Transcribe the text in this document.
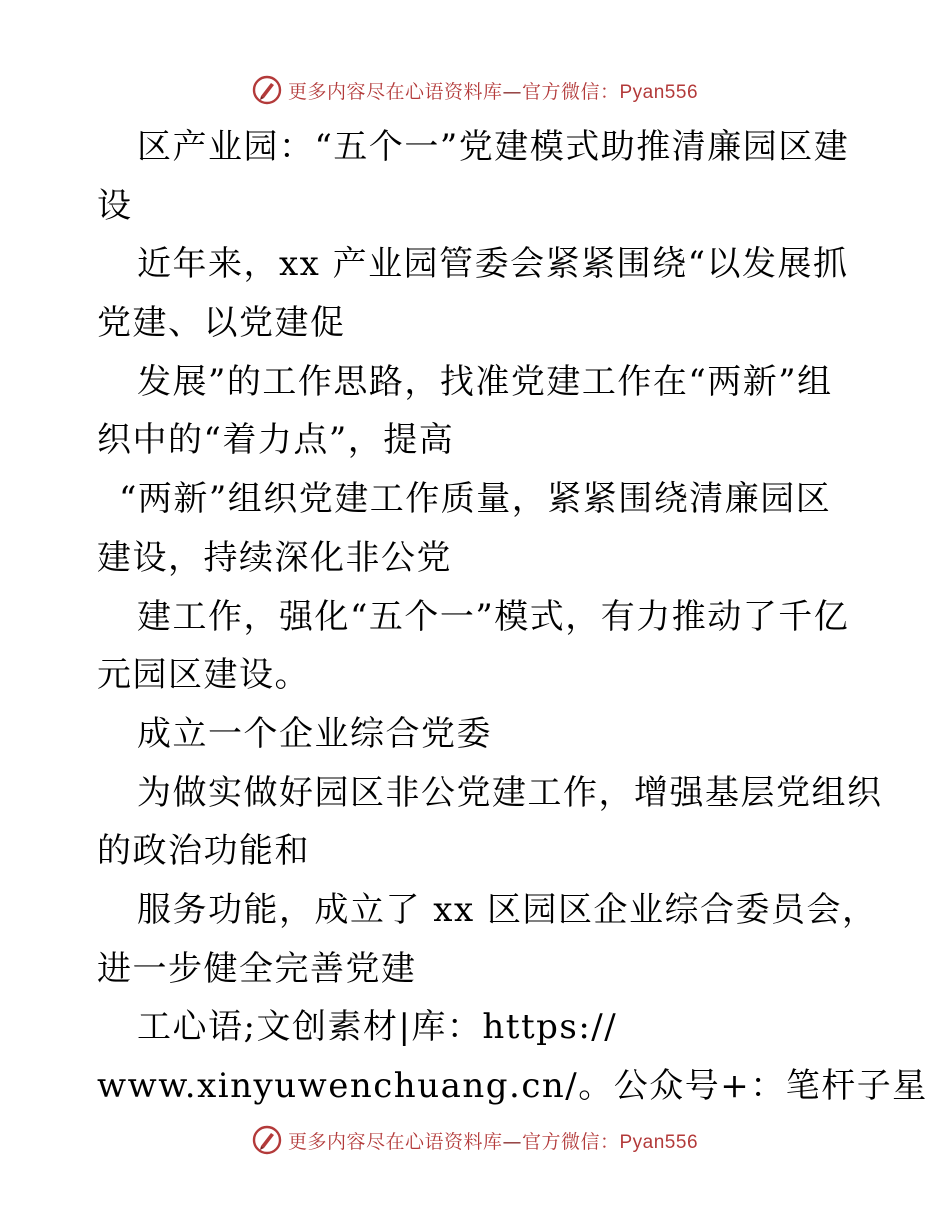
更多内容尽在心语资料库—官方微信：Pyan556
区产业园：“五个一”党建模式助推清廉园区建
设
近年来，xx 产业园管委会紧紧围绕“以发展抓
党建、以党建促
发展”的工作思路，找准党建工作在“两新”组
织中的“着力点”，提高
“两新”组织党建工作质量，紧紧围绕清廉园区
建设，持续深化非公党
建工作，强化“五个一”模式，有力推动了千亿
元园区建设。
成立一个企业综合党委
为做实做好园区非公党建工作，增强基层党组织
的政治功能和
服务功能，成立了 xx 区园区企业综合委员会，
进一步健全完善党建
工心语;文创素材|库：https://
www.xinyuwenchuang.cn/。公众号+：笔杆子星
更多内容尽在心语资料库—官方微信：Pyan556
